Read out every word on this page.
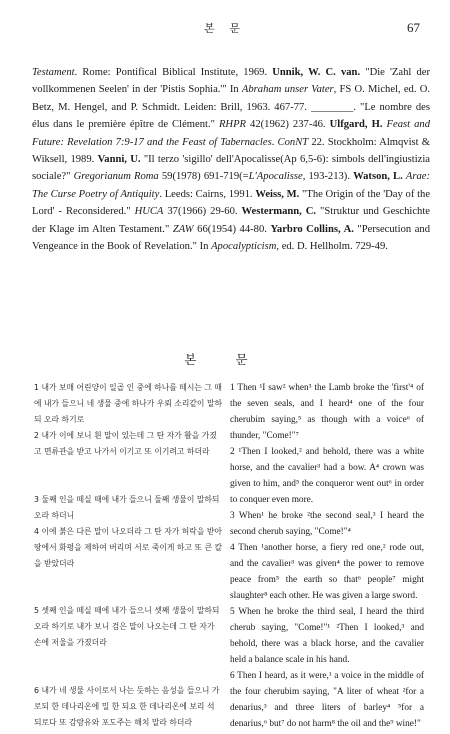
본 문	67
Testament. Rome: Pontifical Biblical Institute, 1969. Unnik, W. C. van. "Die 'Zahl der vollkommenen Seelen' in der 'Pistis Sophia.'" In Abraham unser Vater, FS O. Michel, ed. O. Betz, M. Hengel, and P. Schmidt. Leiden: Brill, 1963. 467-77. ________. "Le nombre des élus dans le première épître de Clément." RHPR 42(1962) 237-46. Ulfgard, H. Feast and Future: Revelation 7:9-17 and the Feast of Tabernacles. ConNT 22. Stockholm: Almqvist & Wiksell, 1989. Vanni, U. "Il terzo 'sigillo' dell'Apocalisse(Ap 6,5-6): simbols dell'ingiustizia sociale?" Gregorianum Roma 59(1978) 691-719(=L'Apocalisse, 193-213). Watson, L. Arae: The Curse Poetry of Antiquity. Leeds: Cairns, 1991. Weiss, M. "The Origin of the 'Day of the Lord' - Reconsidered." HUCA 37(1966) 29-60. Westermann, C. "Struktur und Geschichte der Klage im Alten Testament." ZAW 66(1954) 44-80. Yarbro Collins, A. "Persecution and Vengeance in the Book of Revelation." In Apocalypticism, ed. D. Hellholm. 729-49.
본 문

1 내가 보매 어린양이 일곱 인 중에 하나를 떼시는 그 때에 내가 들으니 네 생물 중에 하나가 우뢰 소리같이 말하되 오라 하기로

2 내가 이에 보니 흰 말이 있는데 그 탄 자가 활을 가졌고 면류관을 받고 나가서 이기고 또 이기려고 하더라

3 둘째 인을 떼실 때에 내가 들으니 둘째 생물이 말하되 오라 하더니

4 이에 붉은 다른 말이 나오더라 그 탄 자가 허락을 받아 땅에서 화평을 제하여 버리며 서로 죽이게 하고 또 큰 칼을 받았더라

5 셋째 인을 떼실 때에 내가 들으니 셋째 생물이 말하되 오라 하기로 내가 보니 검은 말이 나오는데 그 탄 자가 손에 저울을 가졌더라

6 내가 네 생물 사이로서 나는 듯하는 음성을 들으니 가로되 한 데나리온에 밀 한 되요 한 데나리온에 보리 석 되로다 또 감람유와 포도주는 해치 말라 하더라

1 Then ¹I saw² when³ the Lamb broke the 'first'⁴ of the seven seals, and I heard⁴ one of the four cherubim saying,⁵ as though with a voice⁶ of thunder, "Come!"⁷

2 ¹Then I looked,² and behold, there was a white horse, and the cavalier³ had a bow. A⁴ crown was given to him, and⁵ the conqueror went out⁶ in order to conquer even more.

3 When¹ he broke ²the second seal,³ I heard the second cherub saying, "Come!"⁴

4 Then ¹another horse, a fiery red one,² rode out, and the cavalier³ was given⁴ the power to remove peace from⁵ the earth so that⁶ people⁷ might slaughter⁸ each other. He was given a large sword.

5 When he broke the third seal, I heard the third cherub saying, "Come!"¹ ²Then I looked,³ and behold, there was a black horse, and the cavalier held a balance scale in his hand.

6 Then I heard, as it were,¹ a voice in the middle of the four cherubim saying, "A liter of wheat ²for a denarius,³ and three liters of barley⁴ ⁵for a denarius,⁶ but⁷ do not harm⁸ the oil and the⁹ wine!"
